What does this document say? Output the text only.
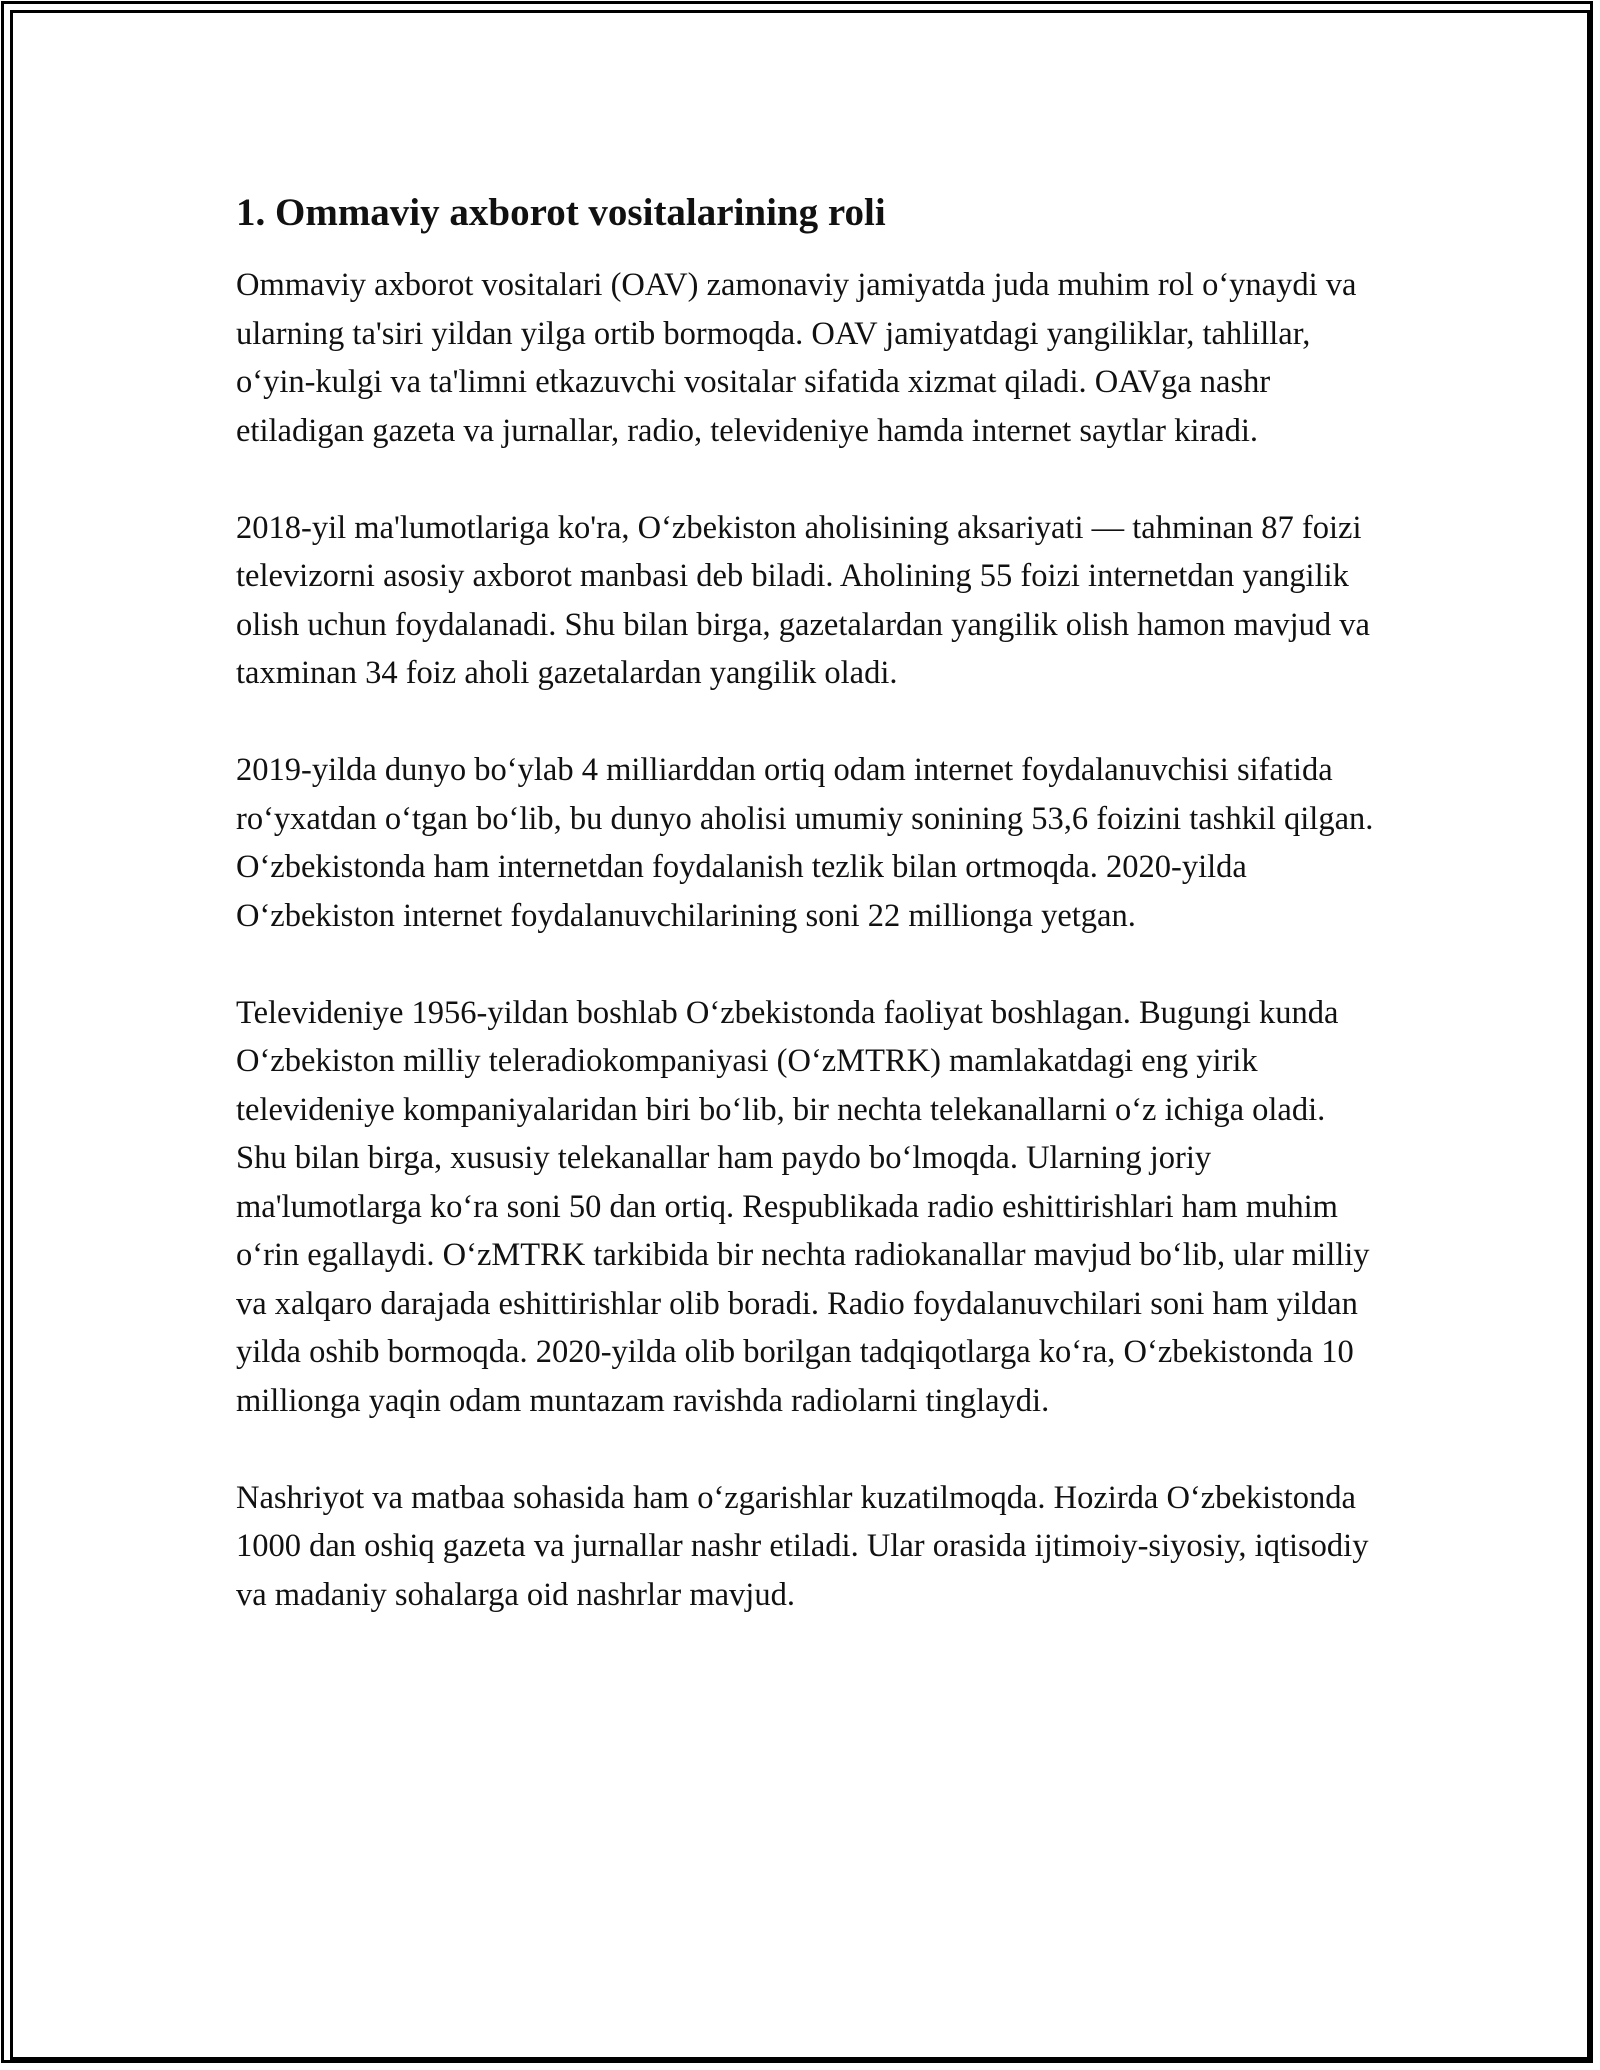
1. Ommaviy axborot vositalarining roli

Ommaviy axborot vositalari (OAV) zamonaviy jamiyatda juda muhim rol oʻynaydi va ularning ta'siri yildan yilga ortib bormoqda. OAV jamiyatdagi yangiliklar, tahlillar, oʻyin-kulgi va ta'limni etkazuvchi vositalar sifatida xizmat qiladi. OAVga nashr etiladigan gazeta va jurnallar, radio, televideniye hamda internet saytlar kiradi.

2018-yil ma'lumotlariga ko'ra, Oʻzbekiston aholisining aksariyati — tahminan 87 foizi televizorni asosiy axborot manbasi deb biladi. Aholining 55 foizi internetdan yangilik olish uchun foydalanadi. Shu bilan birga, gazetalardan yangilik olish hamon mavjud va taxminan 34 foiz aholi gazetalardan yangilik oladi.

2019-yilda dunyo boʻylab 4 milliarddan ortiq odam internet foydalanuvchisi sifatida roʻyxatdan oʻtgan boʻlib, bu dunyo aholisi umumiy sonining 53,6 foizini tashkil qilgan. Oʻzbekistonda ham internetdan foydalanish tezlik bilan ortmoqda. 2020-yilda Oʻzbekiston internet foydalanuvchilarining soni 22 millionga yetgan.

Televideniye 1956-yildan boshlab Oʻzbekistonda faoliyat boshlagan. Bugungi kunda Oʻzbekiston milliy teleradiokompaniyasi (OʻzMTRK) mamlakatdagi eng yirik televideniye kompaniyalaridan biri boʻlib, bir nechta telekanallarni oʻz ichiga oladi. Shu bilan birga, xususiy telekanallar ham paydo boʻlmoqda. Ularning joriy ma'lumotlarga koʻra soni 50 dan ortiq. Respublikada radio eshittirishlari ham muhim oʻrin egallaydi. OʻzMTRK tarkibida bir nechta radiokanallar mavjud boʻlib, ular milliy va xalqaro darajada eshittirishlar olib boradi. Radio foydalanuvchilari soni ham yildan yilda oshib bormoqda. 2020-yilda olib borilgan tadqiqotlarga koʻra, Oʻzbekistonda 10 millionga yaqin odam muntazam ravishda radiolarni tinglaydi.

Nashriyot va matbaa sohasida ham oʻzgarishlar kuzatilmoqda. Hozirda Oʻzbekistonda 1000 dan oshiq gazeta va jurnallar nashr etiladi. Ular orasida ijtimoiy-siyosiy, iqtisodiy va madaniy sohalarga oid nashrlar mavjud.
